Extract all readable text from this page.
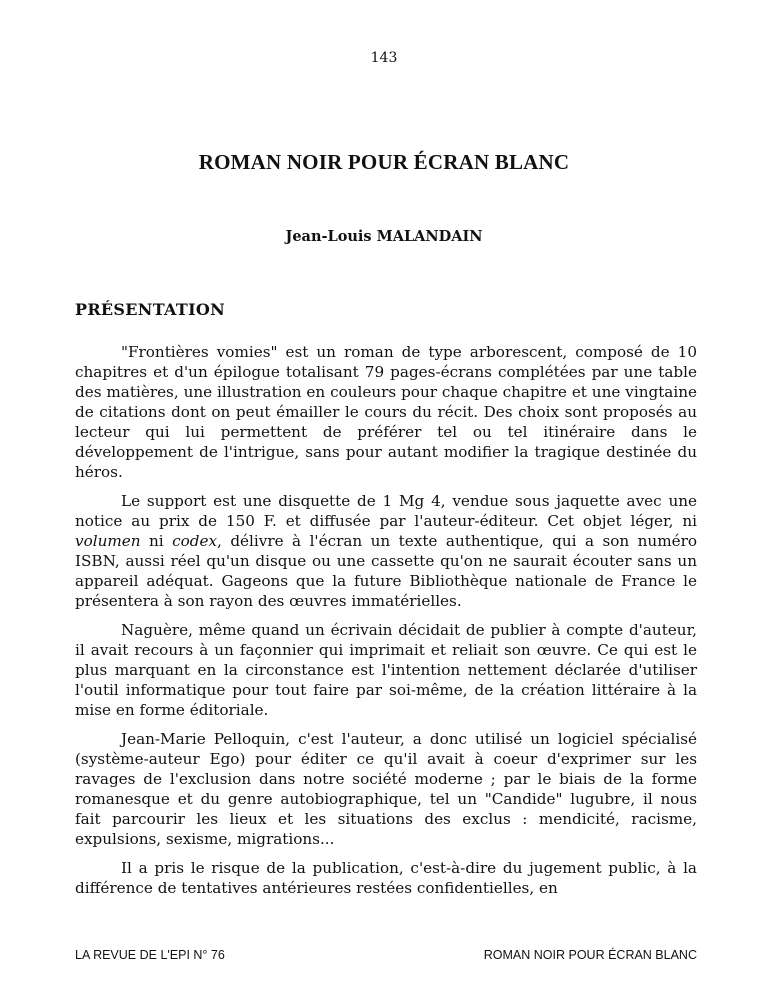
143
ROMAN NOIR POUR ÉCRAN BLANC
Jean-Louis MALANDAIN
PRÉSENTATION

"Frontières vomies" est un roman de type arborescent, composé de 10 chapitres et d'un épilogue totalisant 79 pages-écrans complétées par une table des matières, une illustration en couleurs pour chaque chapitre et une vingtaine de citations dont on peut émailler le cours du récit. Des choix sont proposés au lecteur qui lui permettent de préférer tel ou tel itinéraire dans le développement de l'intrigue, sans pour autant modifier la tragique destinée du héros.

Le support est une disquette de 1 Mg 4, vendue sous jaquette avec une notice au prix de 150 F. et diffusée par l'auteur-éditeur. Cet objet léger, ni volumen ni codex, délivre à l'écran un texte authentique, qui a son numéro ISBN, aussi réel qu'un disque ou une cassette qu'on ne saurait écouter sans un appareil adéquat. Gageons que la future Bibliothèque nationale de France le présentera à son rayon des œuvres immatérielles.

Naguère, même quand un écrivain décidait de publier à compte d'auteur, il avait recours à un façonnier qui imprimait et reliait son œuvre. Ce qui est le plus marquant en la circonstance est l'intention nettement déclarée d'utiliser l'outil informatique pour tout faire par soi-même, de la création littéraire à la mise en forme éditoriale.

Jean-Marie Pelloquin, c'est l'auteur, a donc utilisé un logiciel spécialisé (système-auteur Ego) pour éditer ce qu'il avait à coeur d'exprimer sur les ravages de l'exclusion dans notre société moderne ; par le biais de la forme romanesque et du genre autobiographique, tel un "Candide" lugubre, il nous fait parcourir les lieux et les situations des exclus : mendicité, racisme, expulsions, sexisme, migrations...

Il a pris le risque de la publication, c'est-à-dire du jugement public, à la différence de tentatives antérieures restées confidentielles, en

LA REVUE DE L'EPI N° 76	ROMAN NOIR POUR ÉCRAN BLANC
